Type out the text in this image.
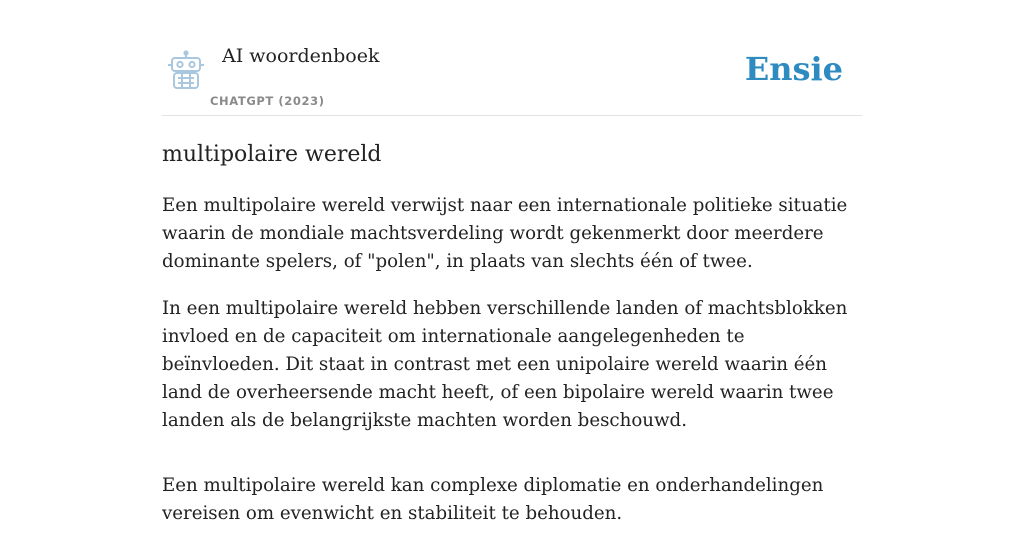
AI woordenboek
CHATGPT (2023)
Ensie
multipolaire wereld

Een multipolaire wereld verwijst naar een internationale politieke situatie waarin de mondiale machtsverdeling wordt gekenmerkt door meerdere dominante spelers, of "polen", in plaats van slechts één of twee.

In een multipolaire wereld hebben verschillende landen of machtsblokken invloed en de capaciteit om internationale aangelegenheden te beïnvloeden. Dit staat in contrast met een unipolaire wereld waarin één land de overheersende macht heeft, of een bipolaire wereld waarin twee landen als de belangrijkste machten worden beschouwd.

Een multipolaire wereld kan complexe diplomatie en onderhandelingen vereisen om evenwicht en stabiliteit te behouden.
